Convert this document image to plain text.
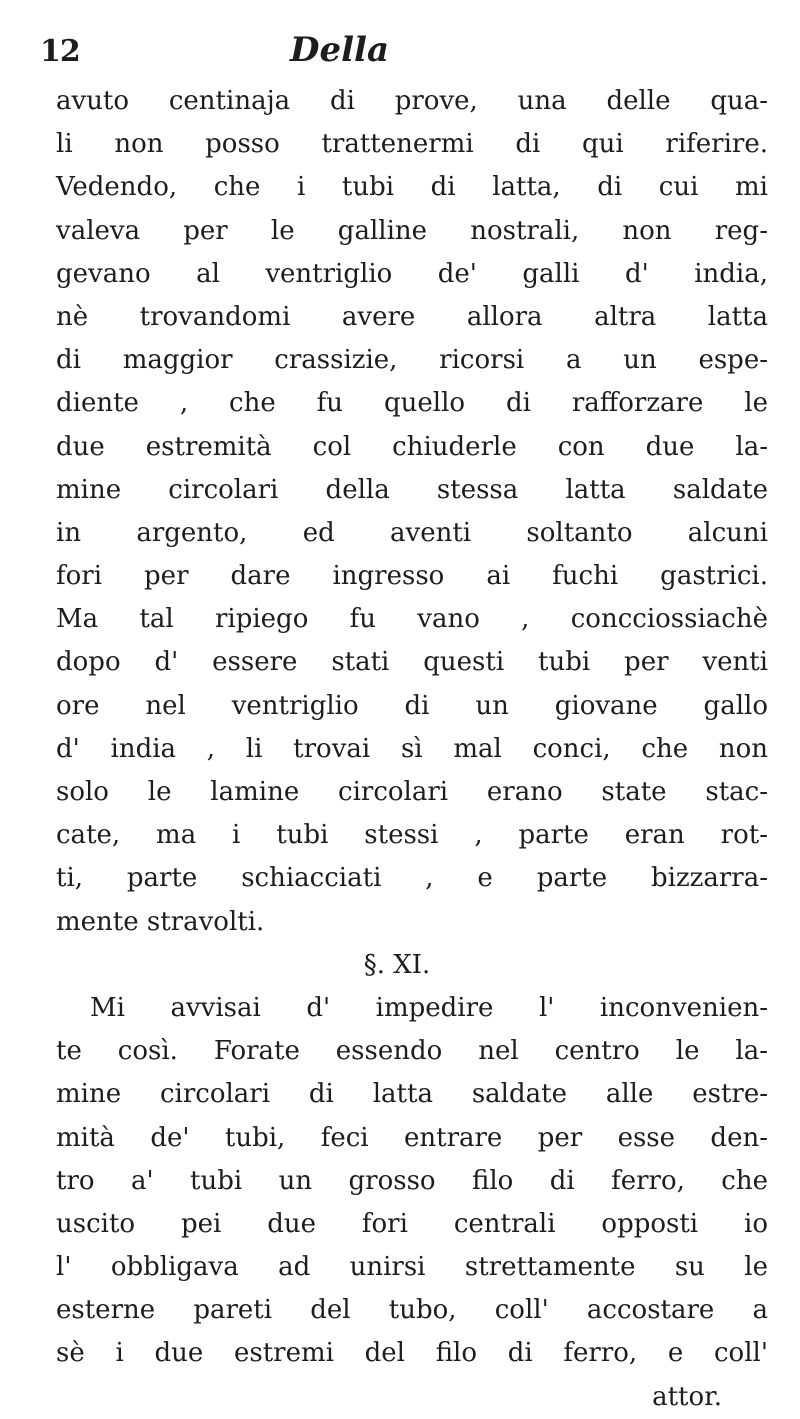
12	Della
avuto centinaja di prove, una delle qua-
li non posso trattenermi di qui riferire.
Vedendo, che i tubi di latta, di cui mi
valeva per le galline nostrali, non reg-
gevano al ventriglio de' galli d' india,
nè trovandomi avere allora altra latta
di maggior crassizie, ricorsi a un espe-
diente , che fu quello di rafforzare le
due estremità col chiuderle con due la-
mine circolari della stessa latta saldate
in argento, ed aventi soltanto alcuni
fori per dare ingresso ai fuchi gastrici.
Ma tal ripiego fu vano , concciossiachè
dopo d' essere stati questi tubi per venti
ore nel ventriglio di un giovane gallo
d' india , li trovai sì mal conci, che non
solo le lamine circolari erano state stac-
cate, ma i tubi stessi , parte eran rot-
ti, parte schiacciati , e parte bizzarra-
mente stravolti.
§. XI.
Mi avvisai d' impedire l' inconvenien-
te così. Forate essendo nel centro le la-
mine circolari di latta saldate alle estre-
mità de' tubi, feci entrare per esse den-
tro a' tubi un grosso filo di ferro, che
uscito pei due fori centrali opposti io
l' obbligava ad unirsi strettamente su le
esterne pareti del tubo, coll' accostare a
sè i due estremi del filo di ferro, e coll'
attor.
